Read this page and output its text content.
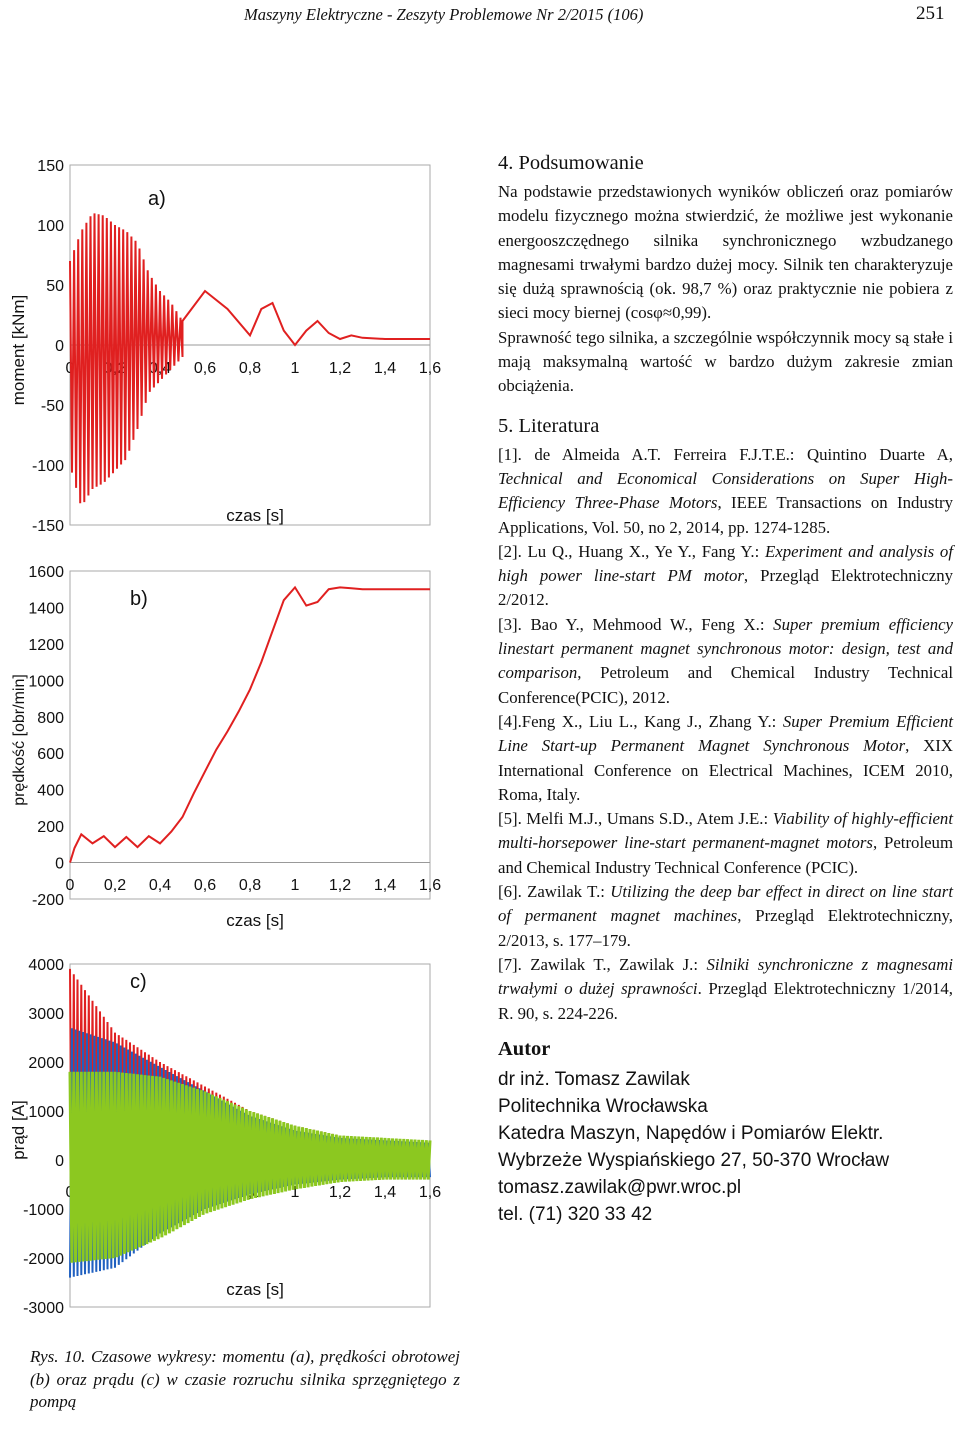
Maszyny Elektryczne - Zeszyty Problemowe Nr 2/2015 (106)	251
150
100
50
0
-50
-100
-150
0 0,2 0,4 0,6 0,8 1 1,2 1,4 1,6
czas [s]
a)
moment [kNm]
1600
1400
1200
1000
800
600
400
200
0
-200
0 0,2 0,4 0,6 0,8 1 1,2 1,4 1,6
czas [s]
b)
prędkość [obr/min]
4000
3000
2000
1000
0
-1000
-2000
-3000
0 0,2 0,4 0,6 0,8 1 1,2 1,4 1,6
czas [s]
c)
prąd [A]
Rys. 10. Czasowe wykresy: momentu (a), prędkości obrotowej (b) oraz prądu (c) w czasie rozruchu silnika sprzęgniętego z pompą
4. Podsumowanie

Na podstawie przedstawionych wyników obliczeń oraz pomiarów modelu fizycznego można stwierdzić, że możliwe jest wykonanie energooszczędnego silnika synchronicznego wzbudzanego magnesami trwałymi bardzo dużej mocy. Silnik ten charakteryzuje się dużą sprawnością (ok. 98,7 %) oraz praktycznie nie pobiera z sieci mocy biernej (cosφ≈0,99).

Sprawność tego silnika, a szczególnie współczynnik mocy są stałe i mają maksymalną wartość w bardzo dużym zakresie zmian obciążenia.

5. Literatura

[1]. de Almeida A.T. Ferreira F.J.T.E.: Quintino Duarte A, Technical and Economical Considerations on Super High-Efficiency Three-Phase Motors, IEEE Transactions on Industry Applications, Vol. 50, no 2, 2014, pp. 1274-1285.

[2]. Lu Q., Huang X., Ye Y., Fang Y.: Experiment and analysis of high power line-start PM motor, Przegląd Elektrotechniczny 2/2012.

[3]. Bao Y., Mehmood W., Feng X.: Super premium efficiency linestart permanent magnet synchronous motor: design, test and comparison, Petroleum and Chemical Industry Technical Conference(PCIC), 2012.

[4].Feng X., Liu L., Kang J., Zhang Y.: Super Premium Efficient Line Start-up Permanent Magnet Synchronous Motor, XIX International Conference on Electrical Machines, ICEM 2010, Roma, Italy.

[5]. Melfi M.J., Umans S.D., Atem J.E.: Viability of highly-efficient multi-horsepower line-start permanent-magnet motors, Petroleum and Chemical Industry Technical Conference (PCIC).

[6]. Zawilak T.: Utilizing the deep bar effect in direct on line start of permanent magnet machines, Przegląd Elektrotechniczny, 2/2013, s. 177–179.

[7]. Zawilak T., Zawilak J.: Silniki synchroniczne z magnesami trwałymi o dużej sprawności. Przegląd Elektrotechniczny 1/2014, R. 90, s. 224-226.

Autor
dr inż. Tomasz Zawilak
Politechnika Wrocławska
Katedra Maszyn, Napędów i Pomiarów Elektr.
Wybrzeże Wyspiańskiego 27, 50-370 Wrocław
tomasz.zawilak@pwr.wroc.pl
tel. (71) 320 33 42
